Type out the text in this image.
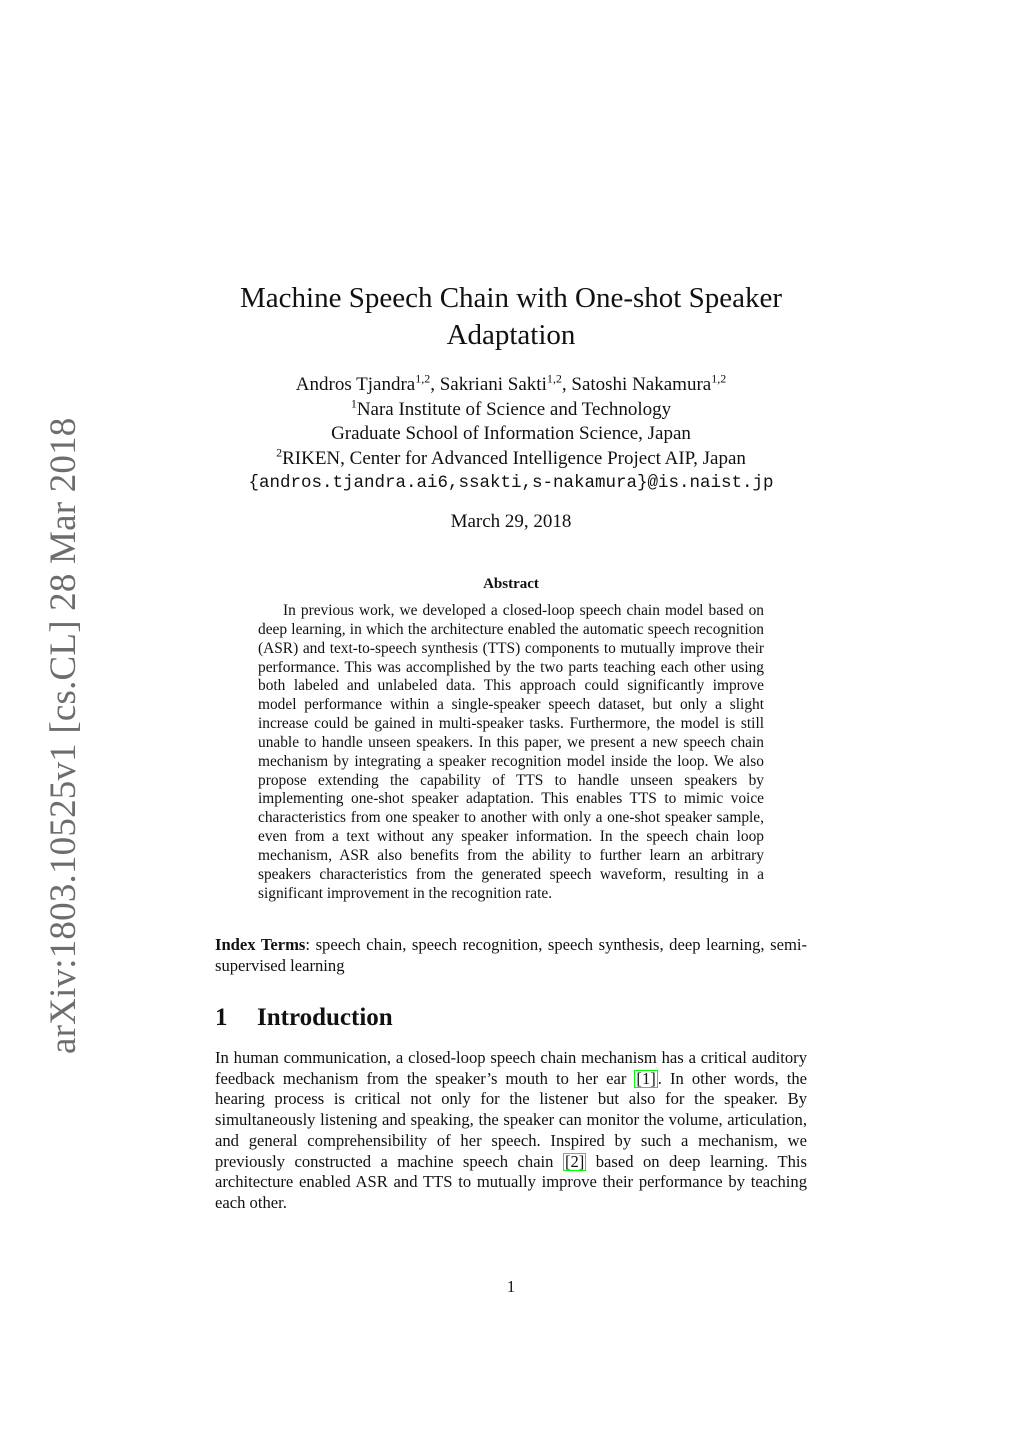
arXiv:1803.10525v1 [cs.CL] 28 Mar 2018
Machine Speech Chain with One-shot Speaker
Adaptation
Andros Tjandra$^{1,2}$, Sakriani Sakti$^{1,2}$, Satoshi Nakamura$^{1,2}$
$^1$Nara Institute of Science and Technology
Graduate School of Information Science, Japan
$^2$RIKEN, Center for Advanced Intelligence Project AIP, Japan
{andros.tjandra.ai6,ssakti,s-nakamura}@is.naist.jp
March 29, 2018
Abstract

In previous work, we developed a closed-loop speech chain model based on deep learning, in which the architecture enabled the automatic speech recognition (ASR) and text-to-speech synthesis (TTS) components to mutually improve their performance. This was accomplished by the two parts teaching each other using both labeled and unlabeled data. This approach could significantly improve model performance within a single-speaker speech dataset, but only a slight increase could be gained in multi-speaker tasks. Furthermore, the model is still unable to handle unseen speakers. In this paper, we present a new speech chain mechanism by integrating a speaker recognition model inside the loop. We also propose extending the capability of TTS to handle unseen speakers by implementing one-shot speaker adaptation. This enables TTS to mimic voice characteristics from one speaker to another with only a one-shot speaker sample, even from a text without any speaker information. In the speech chain loop mechanism, ASR also benefits from the ability to further learn an arbitrary speakers characteristics from the generated speech waveform, resulting in a significant improvement in the recognition rate.

Index Terms: speech chain, speech recognition, speech synthesis, deep learning, semi-supervised learning

1 Introduction

In human communication, a closed-loop speech chain mechanism has a critical auditory feedback mechanism from the speaker’s mouth to her ear [1] . In other words, the hearing process is critical not only for the listener but also for the speaker. By simultaneously listening and speaking, the speaker can monitor the volume, articulation, and general comprehensibility of her speech. Inspired by such a mechanism, we previously constructed a machine speech chain [2] based on deep learning. This architecture enabled ASR and TTS to mutually improve their performance by teaching each other.

1
